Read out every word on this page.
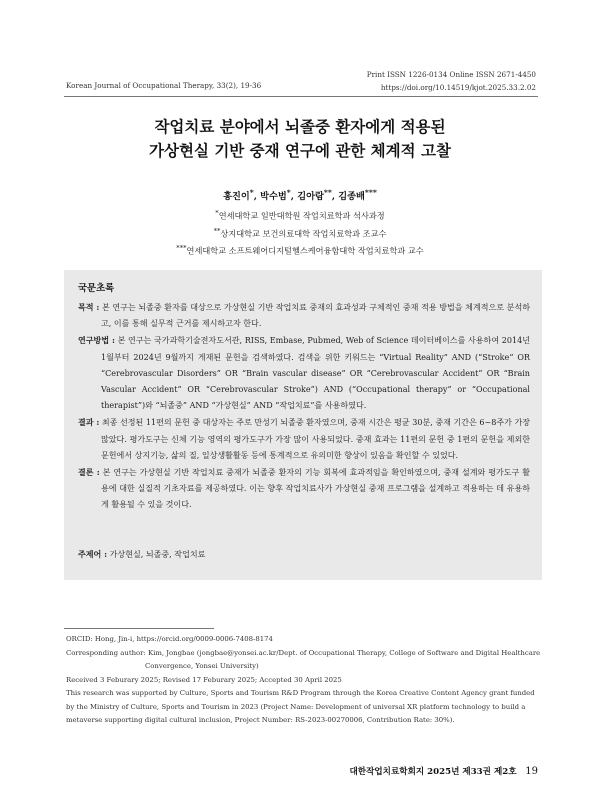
Korean Journal of Occupational Therapy, 33(2), 19-36
Print ISSN 1226-0134 Online ISSN 2671-4450
https://doi.org/10.14519/kjot.2025.33.2.02
작업치료 분야에서 뇌졸중 환자에게 적용된
가상현실 기반 중재 연구에 관한 체계적 고찰
홍진이*, 박수범*, 김아람**, 김종배***
*연세대학교 일반대학원 작업치료학과 석사과정
**상지대학교 보건의료대학 작업치료학과 조교수
***연세대학교 소프트웨어디지털헬스케어융합대학 작업치료학과 교수
국문초록

목적 : 본 연구는 뇌졸중 환자를 대상으로 가상현실 기반 작업치료 중재의 효과성과 구체적인 중재 적용 방법을 체계적으로 분석하고, 이를 통해 실무적 근거를 제시하고자 한다.

연구방법 : 본 연구는 국가과학기술전자도서관, RISS, Embase, Pubmed, Web of Science 데이터베이스를 사용하여 2014년 1월부터 2024년 9월까지 게재된 문헌을 검색하였다. 검색을 위한 키워드는 “Virtual Reality” AND (“Stroke” OR “Cerebrovascular Disorders” OR “Brain vascular disease” OR “Cerebrovascular Accident” OR “Brain Vascular Accident” OR “Cerebrovascular Stroke”) AND (“Occupational therapy” or “Occupational therapist”)와 “뇌졸중” AND “가상현실” AND “작업치료”를 사용하였다.

결과 : 최종 선정된 11편의 문헌 중 대상자는 주로 만성기 뇌졸중 환자였으며, 중재 시간은 평균 30분, 중재 기간은 6~8주가 가장 많았다. 평가도구는 신체 기능 영역의 평가도구가 가장 많이 사용되었다. 중재 효과는 11편의 문헌 중 1편의 문헌을 제외한 문헌에서 상지기능, 삶의 질, 일상생활활동 등에 통계적으로 유의미한 향상이 있음을 확인할 수 있었다.

결론 : 본 연구는 가상현실 기반 작업치료 중재가 뇌졸중 환자의 기능 회복에 효과적임을 확인하였으며, 중재 설계와 평가도구 활용에 대한 실질적 기초자료를 제공하였다. 이는 향후 작업치료사가 가상현실 중재 프로그램을 설계하고 적용하는 데 유용하게 활용될 수 있을 것이다.

주제어 : 가상현실, 뇌졸중, 작업치료
ORCID: Hong, Jin-i, https://orcid.org/0009-0006-7408-8174
Corresponding author: Kim, Jongbae (jongbae@yonsei.ac.kr/Dept. of Occupational Therapy, College of Software and Digital Healthcare
Convergence, Yonsei University)
Received 3 Feburary 2025; Revised 17 Feburary 2025; Accepted 30 April 2025
This research was supported by Culture, Sports and Tourism R&D Program through the Korea Creative Content Agency grant funded
by the Ministry of Culture, Sports and Tourism in 2023 (Project Name: Development of universal XR platform technology to build a
metaverse supporting digital cultural inclusion, Project Number: RS-2023-00270006, Contribution Rate: 30%).
대한작업치료학회지 2025년 제33권 제2호 19
